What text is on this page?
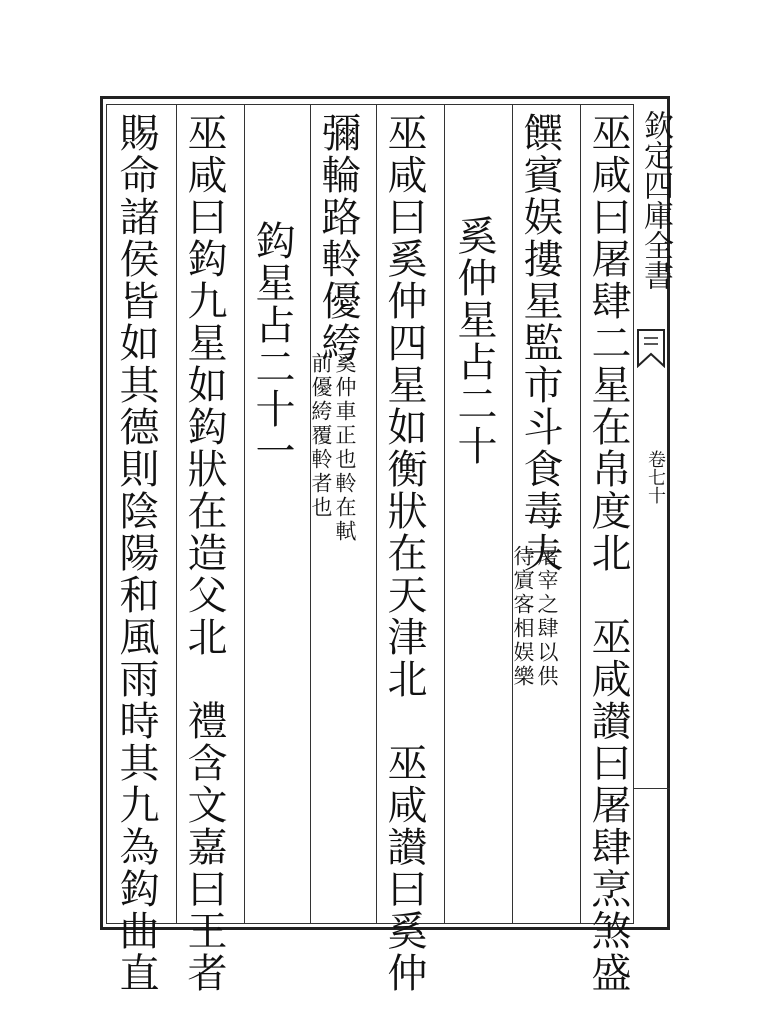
欽定四庫全書
卷七十
巫咸曰屠肆二星在帛度北　巫咸讃曰屠肆烹煞盛
饌賓娱摟星監市斗食毒夫
屠宰之肆以供
待賔客相娱樂
奚仲星占二十
巫咸曰奚仲四星如衡狀在天津北　巫咸讃曰奚仲
彌輪路軨優絝
奚仲車正也軨在軾
前優絝覆軨者也
鈎星占二十一
巫咸曰鈎九星如鈎狀在造父北　禮含文嘉曰王者
賜命諸侯皆如其德則陰陽和風雨時其九為鈎曲直
